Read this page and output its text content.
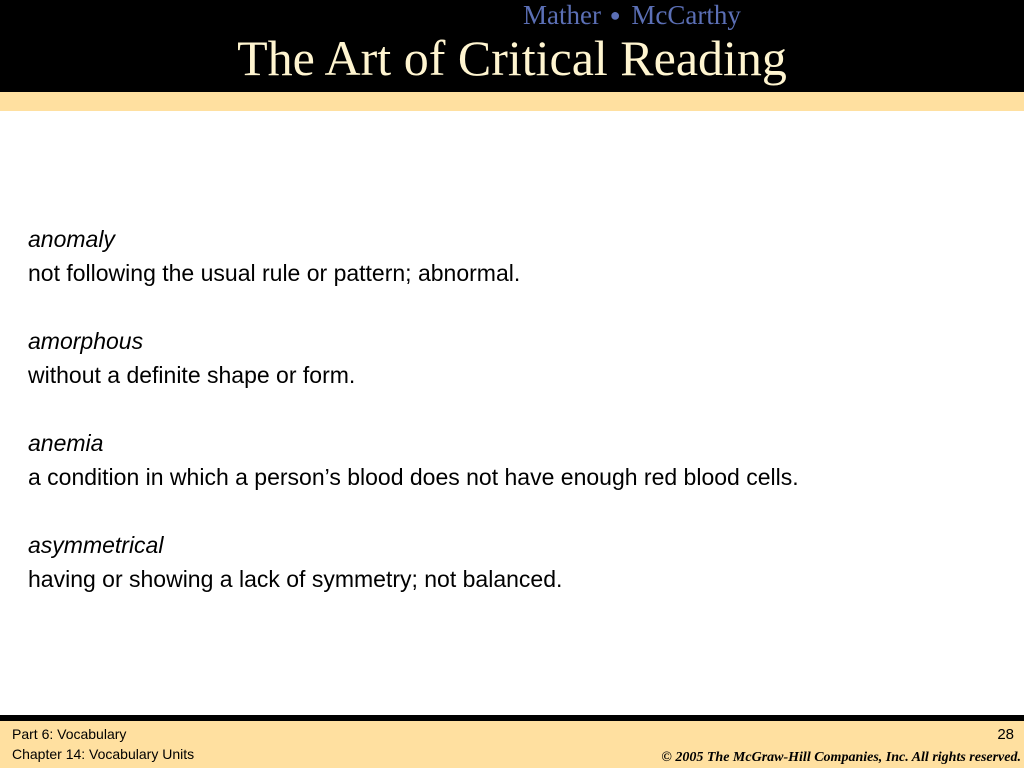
Mather ● McCarthy
The Art of Critical Reading
anomaly
not following the usual rule or pattern; abnormal.
amorphous
without a definite shape or form.
anemia
a condition in which a person’s blood does not have enough red blood cells.
asymmetrical
having or showing a lack of symmetry; not balanced.
Part 6: Vocabulary
Chapter 14: Vocabulary Units
28
© 2005 The McGraw-Hill Companies, Inc. All rights reserved.
